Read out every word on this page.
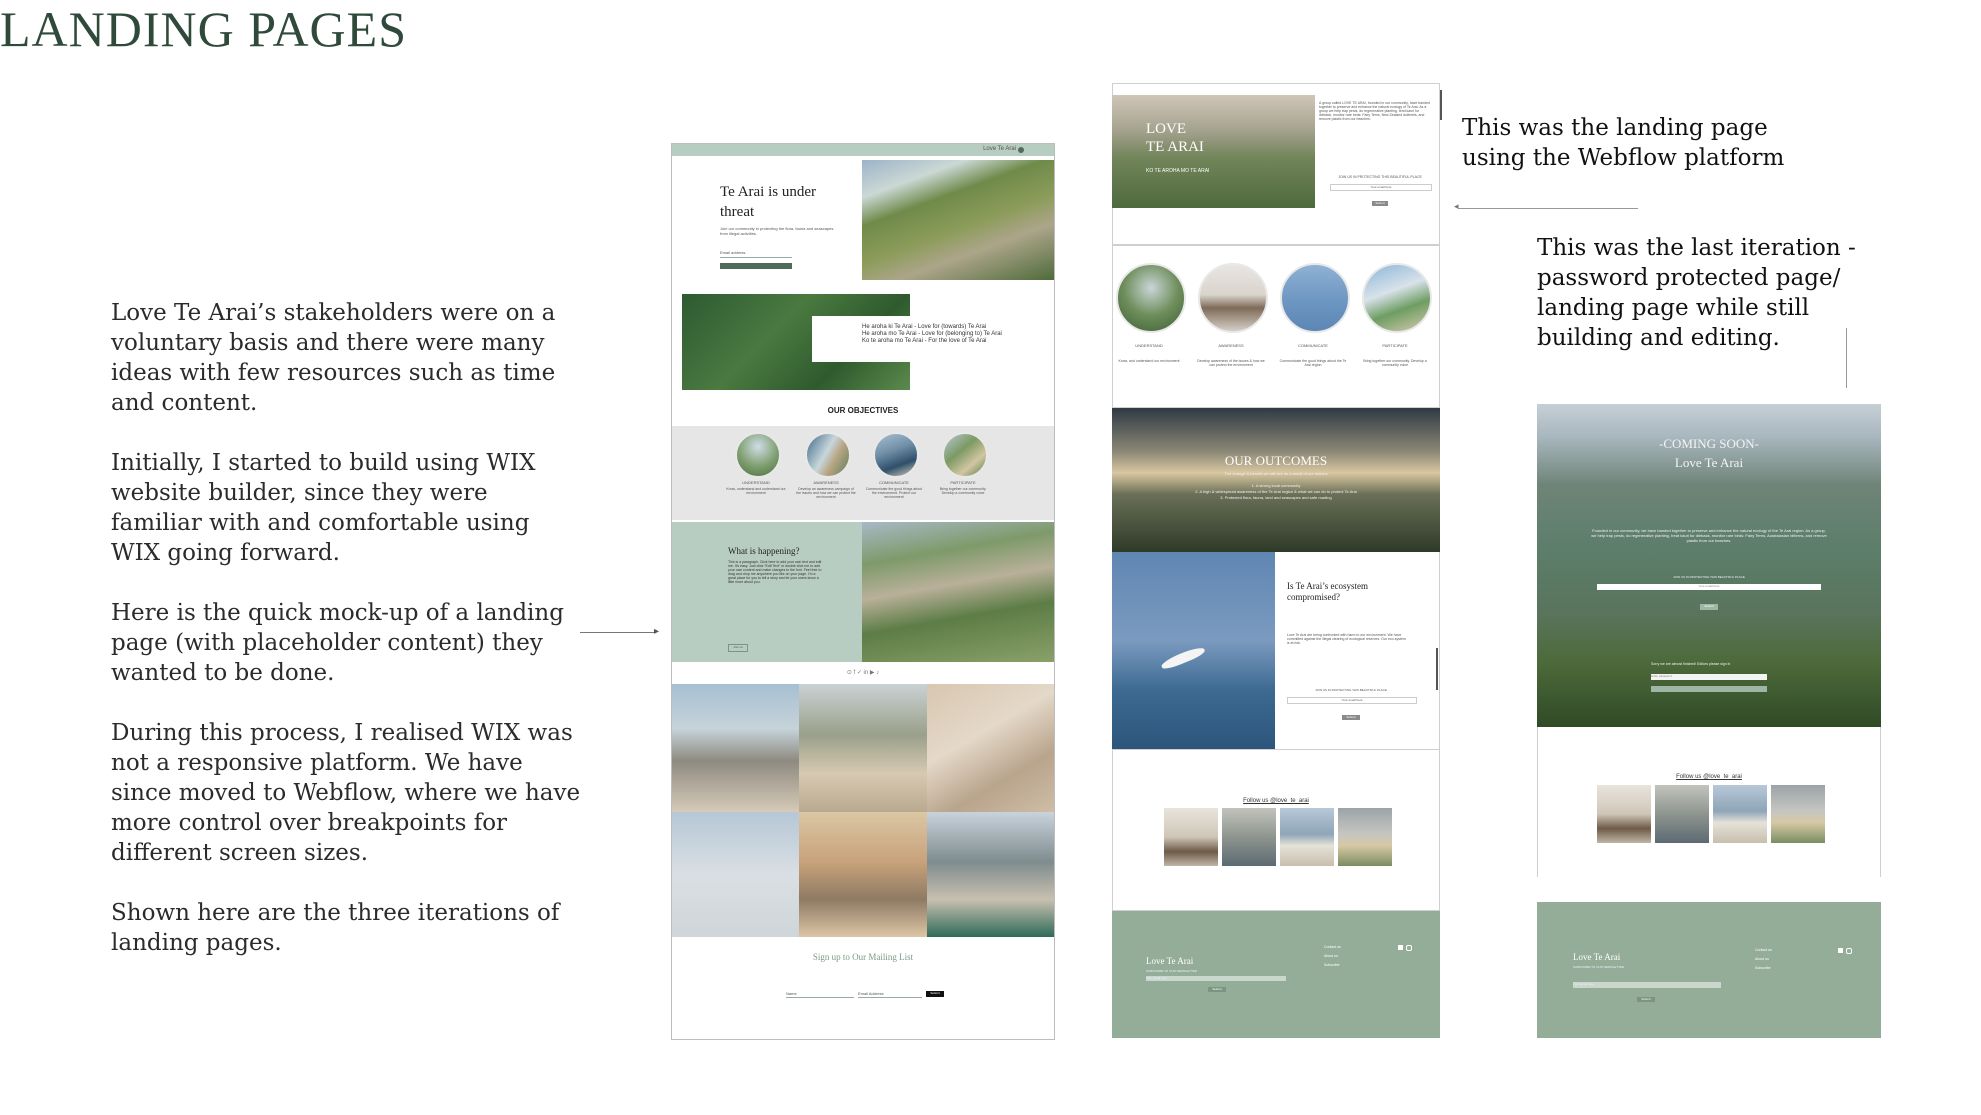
LANDING PAGES

Love Te Arai’s stakeholders were on a voluntary basis and there were many ideas with few resources such as time and content.

Initially, I started to build using WIX website builder, since they were familiar with and comfortable using WIX going forward.

Here is the quick mock-up of a landing page (with placeholder content) they wanted to be done.

During this process, I realised WIX was not a responsive platform. We have since moved to Webflow, where we have more control over breakpoints for different screen sizes.

Shown here are the three iterations of landing pages.

▸
Love Te Arai
Te Arai is under threat
Join our community in protecting the flora, fauna and seascapes from illegal activities.
Email address
He aroha ki Te Arai - Love for (towards) Te Arai
He aroha mo Te Arai - Love for (belonging to) Te Arai
Ko te aroha mo Te Arai - For the love of Te Arai
OUR OBJECTIVES
UNDERSTAND	AWARENESS	COMMUNICATE	PARTICIPATE
Know, understand and understand our environment
Develop an awareness campaign of the issues and how we can protect the environment
Communicate the good things about the environment. Protect our environment
Bring together our community. Develop a community voice
What is happening?
This is a paragraph. Click here to add your own text and edit me. It's easy. Just click “Edit Text” or double click me to add your own content and make changes to the font. Feel free to drag and drop me anywhere you like on your page. I'm a great place for you to tell a story and let your users know a little more about you.
Join us
⊙ f ✓ in ▶ ♪
Sign up to Our Mailing List
Name	Email Address	Submit
LOVE
TE ARAI
KO TE AROHA MO TE ARAI
A group called LOVE TE ARAI, founded in our community, have banded together to preserve and enhance the natural ecology of Te Arai. As a group we help trap pests, do regenerative planting, tend kauri for dieback, monitor rare birds: Fairy Terns, New Zealand dotterels, and remove plastic from our beaches.
JOIN US IN PROTECTING THIS BEAUTIFUL PLACE
Your email here
Submit
UNDERSTAND	AWARENESS	COMMUNICATE	PARTICIPATE
Know, and understand our environment	Develop awareness of the issues & how we can protect the environment
Communicate the good things about the Te Arai region
Bring together our community. Develop a community voice
OUR OUTCOMES
The change & benefit we will see as a result of our actions
1. A strong local community
2. A high & widespread awareness of the Te Arai region & what we can do to protect Te Arai
3. Protected flora, fauna, land and seascapes and safe roading
Is Te Arai’s ecosystem compromised?
Love Te Arai are being confronted with harm to our environment. We have committed against the illegal clearing of ecological reserves. Our eco-system is at risk.
JOIN US IN PROTECTING THIS BEAUTIFUL PLACE
Your email here
Submit
Follow us @love_te_arai
Love Te Arai
SUBSCRIBE TO OUR NEWSLETTER
Your email here
Submit
Contact us
About us
Subscribe

This was the landing page using the Webflow platform

◂

This was the last iteration - password protected page/ landing page while still building and editing.

-COMING SOON-
Love Te Arai
Founded in our community, we have banded together to preserve and enhance the natural ecology of the Te Arai region. As a group, we help trap pests, do regenerative planting, treat kauri for dieback, monitor rare birds: Fairy Terns, Australasian bitterns, and remove plastic from our beaches.
JOIN US IN PROTECTING THIS BEAUTIFUL PLACE
Your email here
Submit
Sorry we are almost finished! Editors please sign in
Enter password
Follow us @love_te_arai
Love Te Arai
SUBSCRIBE TO OUR NEWSLETTER
Your email here
Submit
Contact us
About us
Subscribe
